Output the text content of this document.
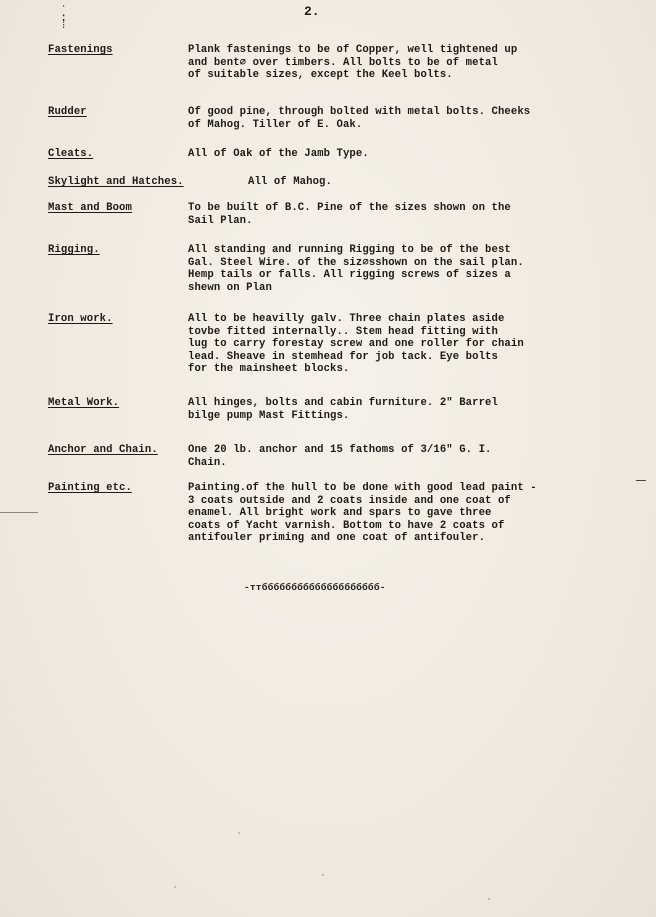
˙
:
⁞
2.
Fastenings	Plank fastenings to be of Copper, well tightened up
and bent∅ over timbers. All bolts to be of metal
of suitable sizes, except the Keel bolts.
Rudder	Of good pine, through bolted with metal bolts. Cheeks
of Mahog. Tiller of E. Oak.
Cleats.	All of Oak of the Jamb Type.
Skylight and Hatches.	All of Mahog.
Mast and Boom	To be built of B.C. Pine of the sizes shown on the
Sail Plan.
Rigging.	All standing and running Rigging to be of the best
Gal. Steel Wire. of the siz∅sshown on the sail plan.
Hemp tails or falls. All rigging screws of sizes a
shewn on Plan
Iron work.	All to be heavilly galv. Three chain plates aside
tovbe fitted internally.. Stem head fitting with
lug to carry forestay screw and one roller for chain
lead. Sheave in stemhead for job tack. Eye bolts
for the mainsheet blocks.
Metal Work.	All hinges, bolts and cabin furniture. 2" Barrel
bilge pump Mast Fittings.
Anchor and Chain.	One 20 lb. anchor and 15 fathoms of 3/16" G. I.
Chain.
Painting etc.	Painting.of the hull to be done with good lead paint -
3 coats outside and 2 coats inside and one coat of
enamel. All bright work and spars to gave three
coats of Yacht varnish. Bottom to have 2 coats of
antifouler priming and one coat of antifouler.
-ттбббббббббббббббббббб-
